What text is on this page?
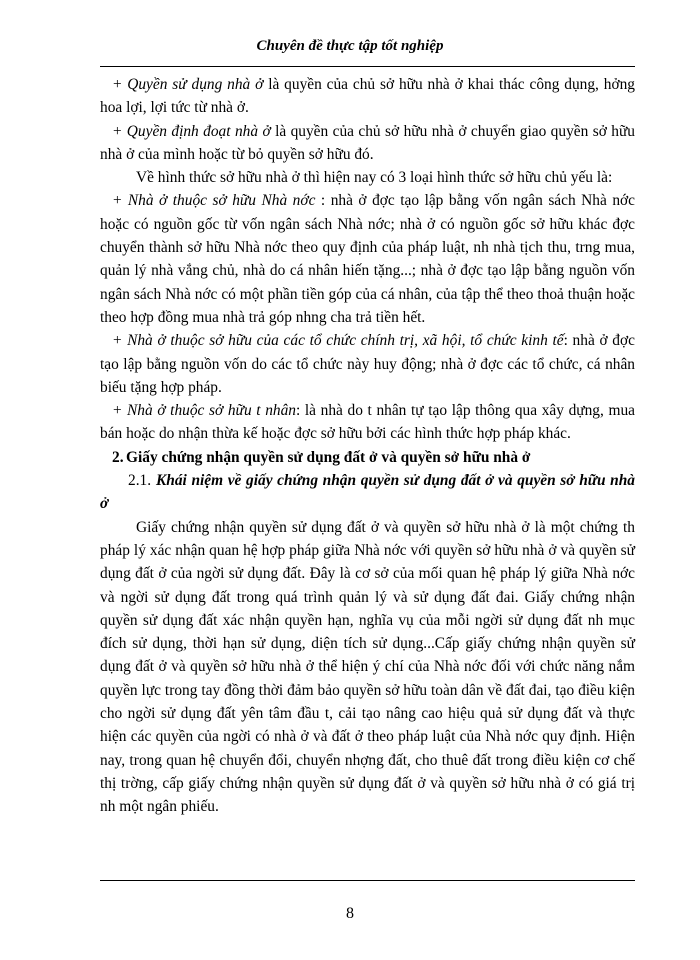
Chuyên đề thực tập tốt nghiệp

+ Quyền sử dụng nhà ở là quyền của chủ sở hữu nhà ở khai thác công dụng, hởng hoa lợi, lợi tức từ nhà ở.

+ Quyền định đoạt nhà ở là quyền của chủ sở hữu nhà ở chuyển giao quyền sở hữu nhà ở của mình hoặc từ bỏ quyền sở hữu đó.

Về hình thức sở hữu nhà ở thì hiện nay có 3 loại hình thức sở hữu chủ yếu là:

+ Nhà ở thuộc sở hữu Nhà nớc : nhà ở đợc tạo lập bằng vốn ngân sách Nhà nớc hoặc có nguồn gốc từ vốn ngân sách Nhà nớc; nhà ở có nguồn gốc sở hữu khác đợc chuyển thành sở hữu Nhà nớc theo quy định của pháp luật, nh nhà tịch thu, trng mua, quản lý nhà vắng chủ, nhà do cá nhân hiến tặng...; nhà ở đợc tạo lập bằng nguồn vốn ngân sách Nhà nớc có một phần tiền góp của cá nhân, của tập thể theo thoả thuận hoặc theo hợp đồng mua nhà trả góp nhng cha trả tiền hết.

+ Nhà ở thuộc sở hữu của các tổ chức chính trị, xã hội, tổ chức kinh tế: nhà ở đợc tạo lập bằng nguồn vốn do các tổ chức này huy động; nhà ở đợc các tổ chức, cá nhân biếu tặng hợp pháp.

+ Nhà ở thuộc sở hữu t nhân: là nhà do t nhân tự tạo lập thông qua xây dựng, mua bán hoặc do nhận thừa kế hoặc đợc sở hữu bởi các hình thức hợp pháp khác.

2. Giấy chứng nhận quyền sử dụng đất ở và quyền sở hữu nhà ở

2.1. Khái niệm về giấy chứng nhận quyền sử dụng đất ở và quyền sở hữu nhà ở

Giấy chứng nhận quyền sử dụng đất ở và quyền sở hữu nhà ở là một chứng th pháp lý xác nhận quan hệ hợp pháp giữa Nhà nớc với quyền sở hữu nhà ở và quyền sử dụng đất ở của ngời sử dụng đất. Đây là cơ sở của mối quan hệ pháp lý giữa Nhà nớc và ngời sử dụng đất trong quá trình quản lý và sử dụng đất đai. Giấy chứng nhận quyền sử dụng đất xác nhận quyền hạn, nghĩa vụ của mỗi ngời sử dụng đất nh mục đích sử dụng, thời hạn sử dụng, diện tích sử dụng...Cấp giấy chứng nhận quyền sử dụng đất ở và quyền sở hữu nhà ở thể hiện ý chí của Nhà nớc đối với chức năng nắm quyền lực trong tay đồng thời đảm bảo quyền sở hữu toàn dân về đất đai, tạo điều kiện cho ngời sử dụng đất yên tâm đầu t, cải tạo nâng cao hiệu quả sử dụng đất và thực hiện các quyền của ngời có nhà ở và đất ở theo pháp luật của Nhà nớc quy định. Hiện nay, trong quan hệ chuyển đổi, chuyển nhợng đất, cho thuê đất trong điều kiện cơ chế thị trờng, cấp giấy chứng nhận quyền sử dụng đất ở và quyền sở hữu nhà ở có giá trị nh một ngân phiếu.

8
